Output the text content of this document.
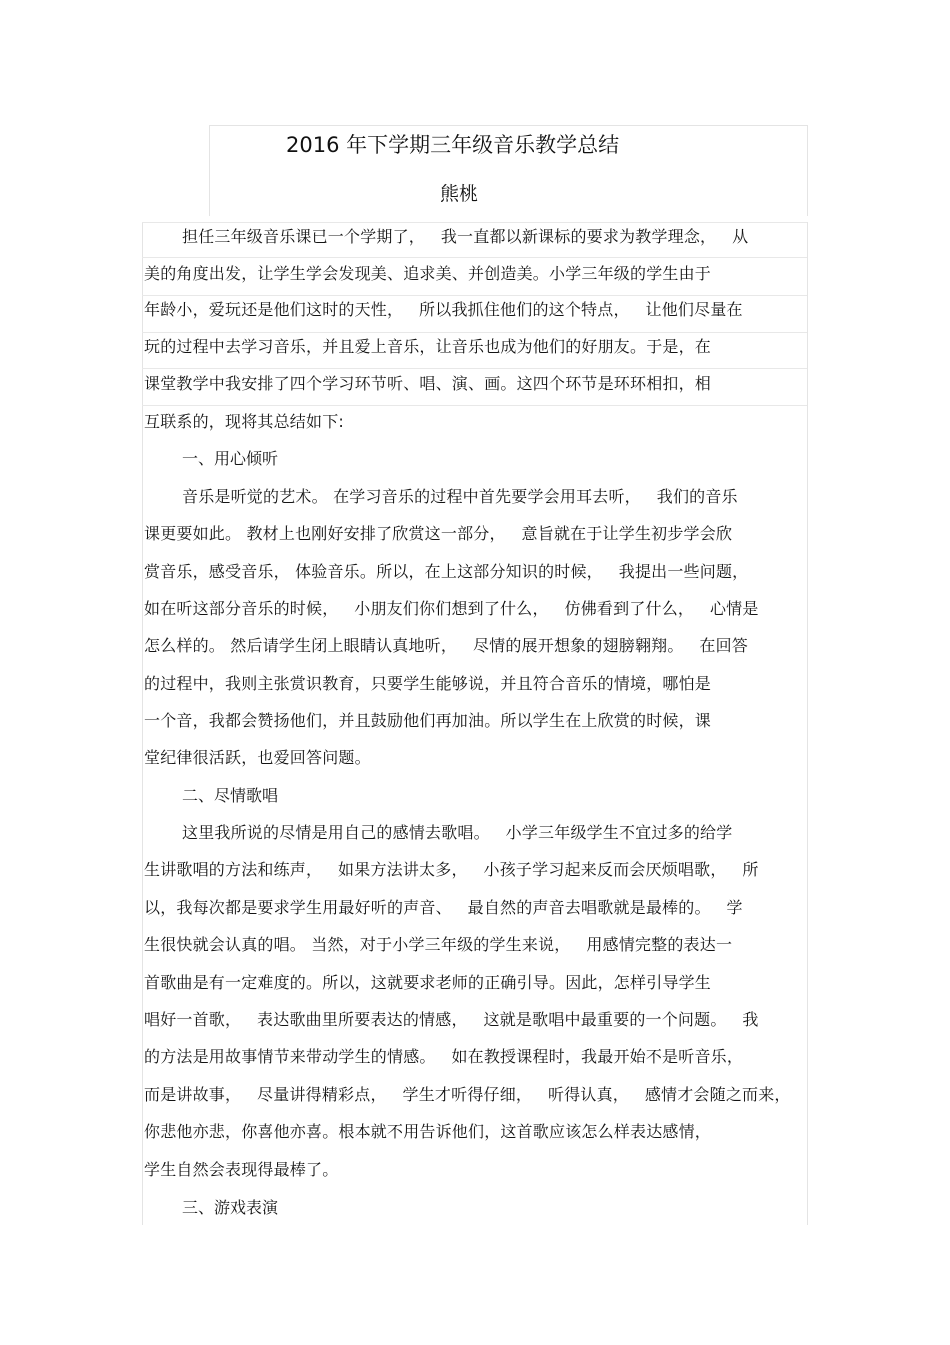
2016 年下学期三年级音乐教学总结
熊桃
担任三年级音乐课已一个学期了，   我一直都以新课标的要求为教学理念，   从
美的角度出发，让学生学会发现美、追求美、并创造美。小学三年级的学生由于
年龄小，爱玩还是他们这时的天性，   所以我抓住他们的这个特点，   让他们尽量在
玩的过程中去学习音乐，并且爱上音乐，让音乐也成为他们的好朋友。于是，在
课堂教学中我安排了四个学习环节听、唱、演、画。这四个环节是环环相扣，相
互联系的，现将其总结如下:
一、用心倾听
音乐是听觉的艺术。 在学习音乐的过程中首先要学会用耳去听，   我们的音乐
课更要如此。 教材上也刚好安排了欣赏这一部分，   意旨就在于让学生初步学会欣
赏音乐，感受音乐， 体验音乐。所以，在上这部分知识的时候，   我提出一些问题，
如在听这部分音乐的时候，   小朋友们你们想到了什么，   仿佛看到了什么，   心情是
怎么样的。 然后请学生闭上眼睛认真地听，   尽情的展开想象的翅膀翱翔。   在回答
的过程中，我则主张赏识教育，只要学生能够说，并且符合音乐的情境，哪怕是
一个音，我都会赞扬他们，并且鼓励他们再加油。所以学生在上欣赏的时候，课
堂纪律很活跃，也爱回答问题。
二、尽情歌唱
这里我所说的尽情是用自己的感情去歌唱。   小学三年级学生不宜过多的给学
生讲歌唱的方法和练声，   如果方法讲太多，   小孩子学习起来反而会厌烦唱歌，   所
以，我每次都是要求学生用最好听的声音、   最自然的声音去唱歌就是最棒的。   学
生很快就会认真的唱。 当然，对于小学三年级的学生来说，   用感情完整的表达一
首歌曲是有一定难度的。所以，这就要求老师的正确引导。因此，怎样引导学生
唱好一首歌，   表达歌曲里所要表达的情感，   这就是歌唱中最重要的一个问题。   我
的方法是用故事情节来带动学生的情感。   如在教授课程时，我最开始不是听音乐，
而是讲故事，   尽量讲得精彩点，   学生才听得仔细，   听得认真，   感情才会随之而来，
你悲他亦悲，你喜他亦喜。根本就不用告诉他们，这首歌应该怎么样表达感情，
学生自然会表现得最棒了。
三、游戏表演
